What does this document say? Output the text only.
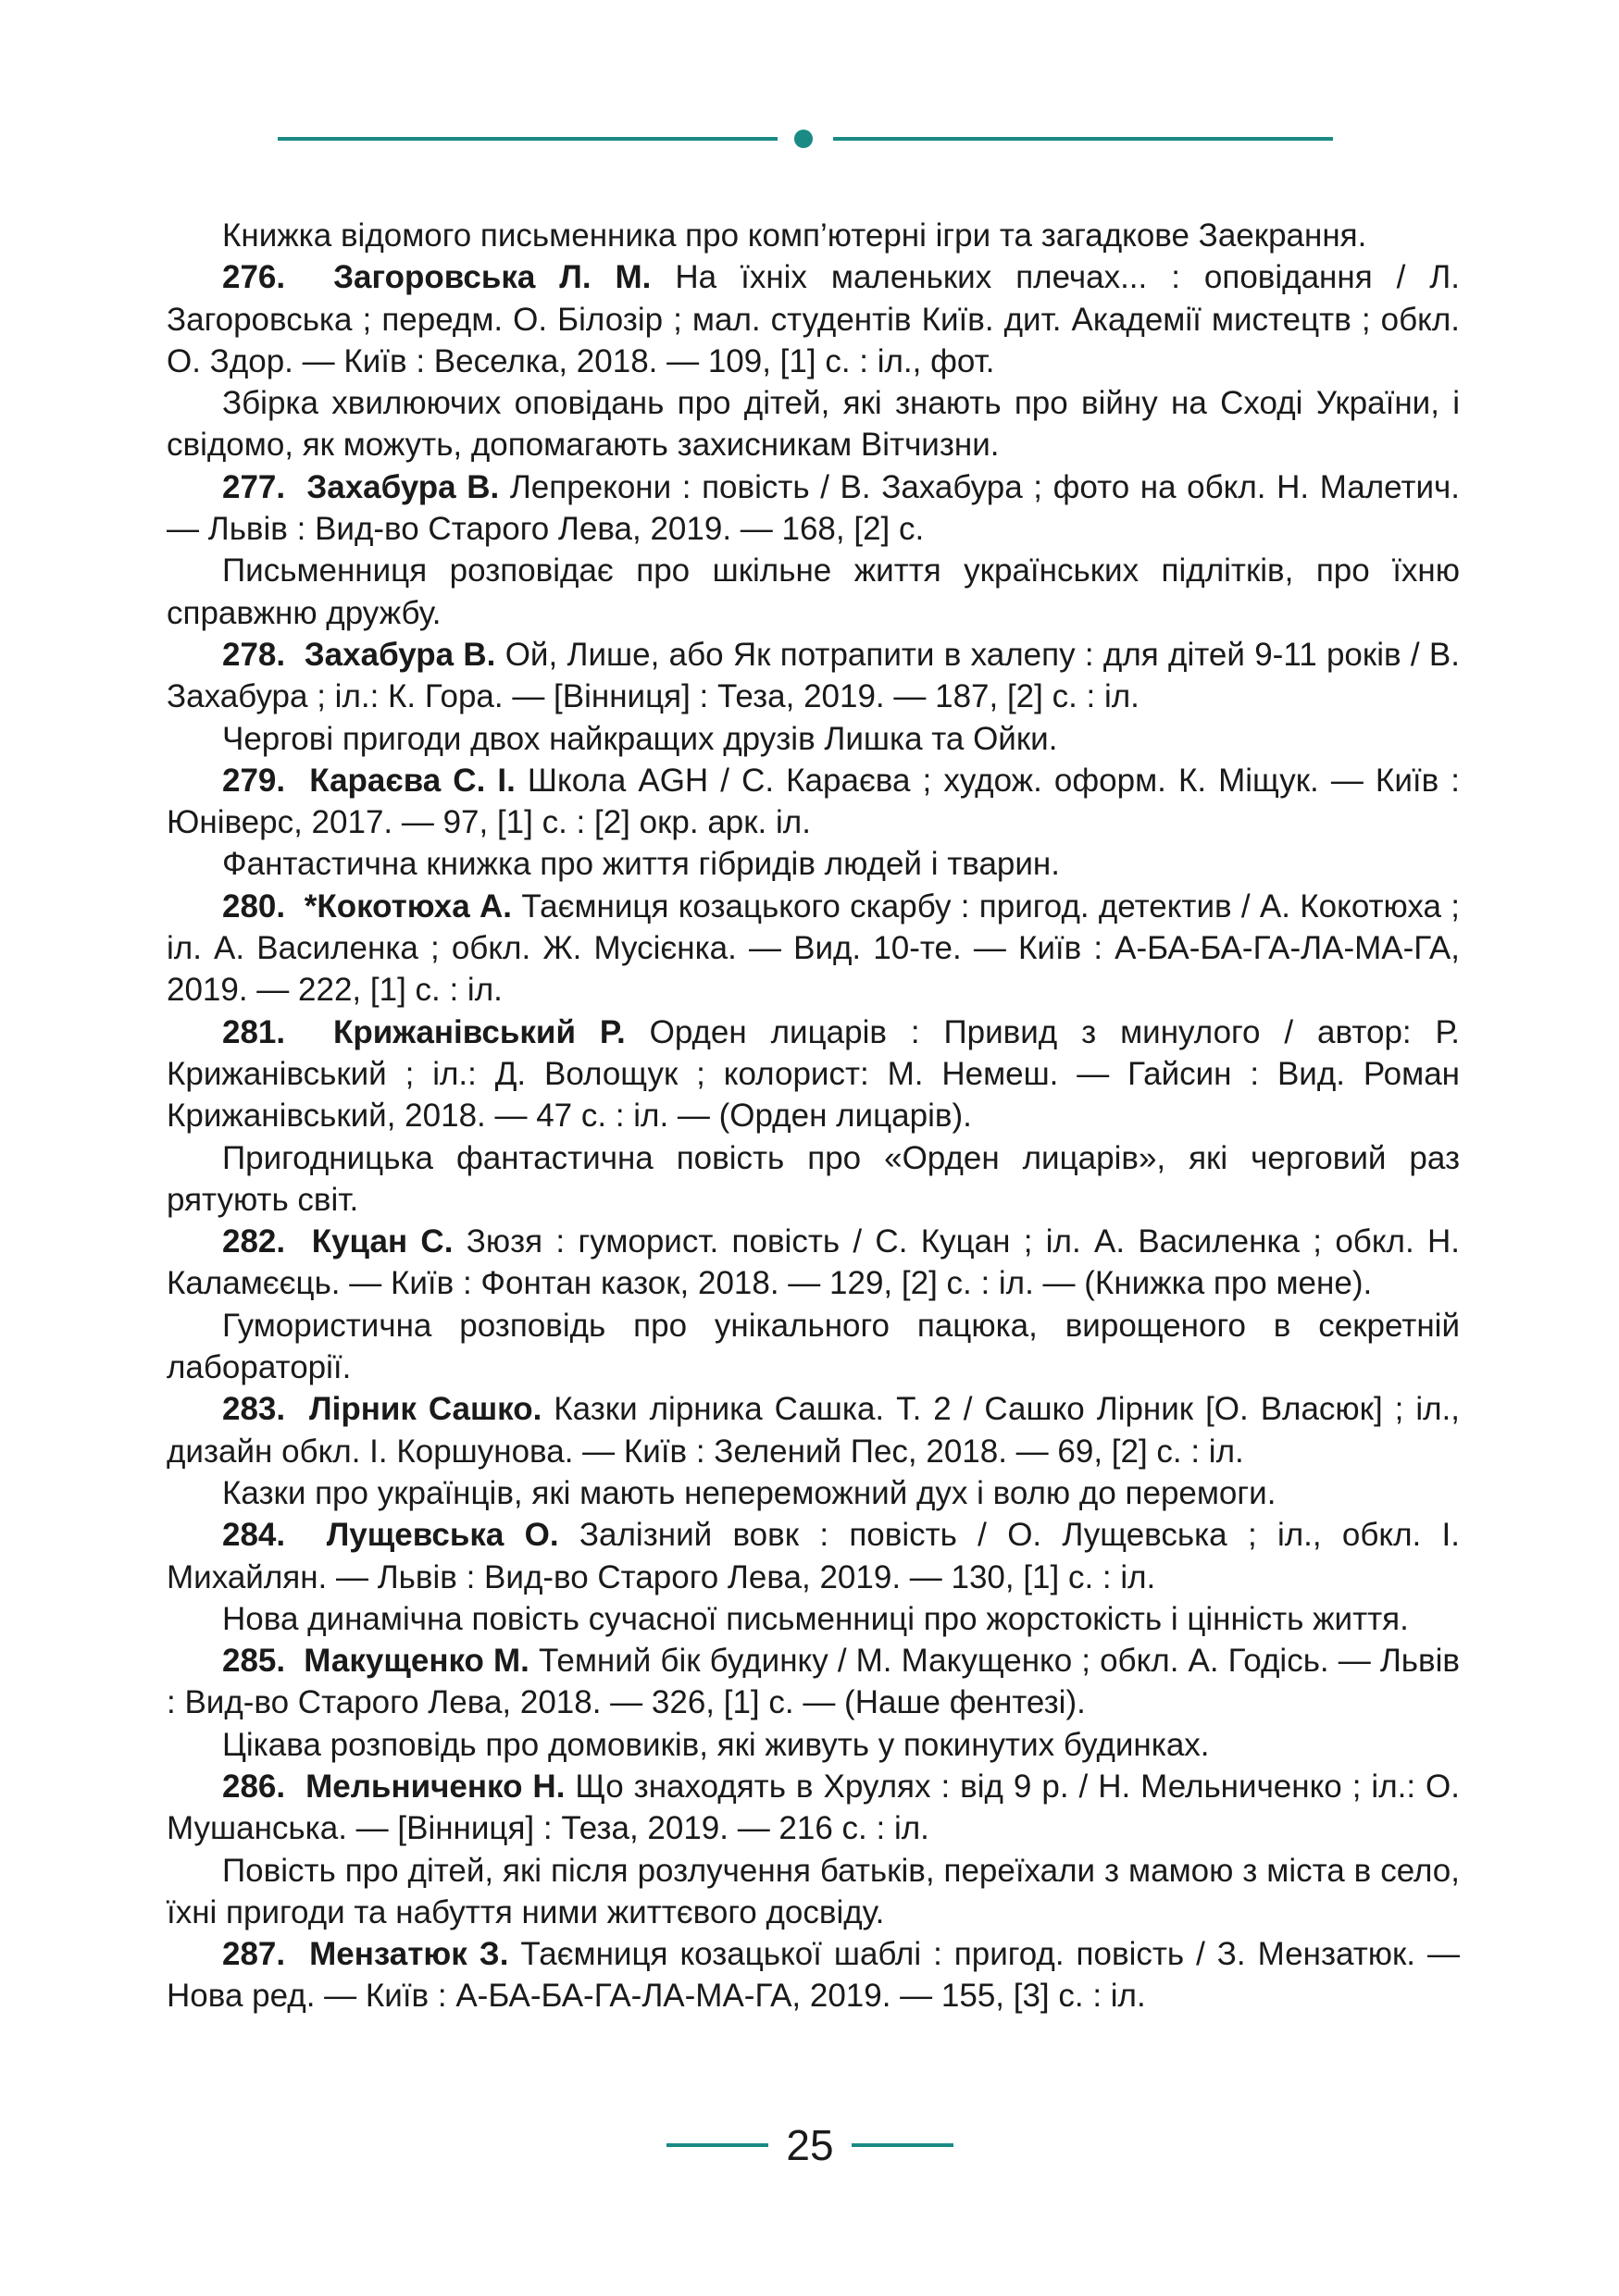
Книжка відомого письменника про комп’ютерні ігри та загадкове Заекрання.

276. Загоровська Л. М. На їхніх маленьких плечах... : оповідання / Л. Загоровська ; передм. О. Білозір ; мал. студентів Київ. дит. Академії мистецтв ; обкл. О. Здор. — Київ : Веселка, 2018. — 109, [1] с. : іл., фот.

Збірка хвилюючих оповідань про дітей, які знають про війну на Сході України, і свідомо, як можуть, допомагають захисникам Вітчизни.

277. Захабура В. Лепрекони : повість / В. Захабура ; фото на обкл. Н. Малетич. — Львів : Вид-во Старого Лева, 2019. — 168, [2] с.

Письменниця розповідає про шкільне життя українських підлітків, про їхню справжню дружбу.

278. Захабура В. Ой, Лише, або Як потрапити в халепу : для дітей 9-11 років / В. Захабура ; іл.: К. Гора. — [Вінниця] : Теза, 2019. — 187, [2] с. : іл.

Чергові пригоди двох найкращих друзів Лишка та Ойки.

279. Караєва С. І. Школа AGH / С. Караєва ; худож. оформ. К. Міщук. — Київ : Юніверс, 2017. — 97, [1] с. : [2] окр. арк. іл.

Фантастична книжка про життя гібридів людей і тварин.

280. *Кокотюха А. Таємниця козацького скарбу : пригод. детектив / А. Кокотюха ; іл. А. Василенка ; обкл. Ж. Мусієнка. — Вид. 10-те. — Київ : А-БА-БА-ГА-ЛА-МА-ГА, 2019. — 222, [1] с. : іл.

281. Крижанівський Р. Орден лицарів : Привид з минулого / автор: Р. Крижанівський ; іл.: Д. Волощук ; колорист: М. Немеш. — Гайсин : Вид. Роман Крижанівський, 2018. — 47 с. : іл. — (Орден лицарів).

Пригодницька фантастична повість про «Орден лицарів», які черговий раз рятують світ.

282. Куцан С. Зюзя : гуморист. повість / С. Куцан ; іл. А. Василенка ; обкл. Н. Каламєєць. — Київ : Фонтан казок, 2018. — 129, [2] с. : іл. — (Книжка про мене).

Гумористична розповідь про унікального пацюка, вирощеного в секретній лабораторії.

283. Лірник Сашко. Казки лірника Сашка. Т. 2 / Сашко Лірник [О. Власюк] ; іл., дизайн обкл. І. Коршунова. — Київ : Зелений Пес, 2018. — 69, [2] с. : іл.

Казки про українців, які мають непереможний дух і волю до перемоги.

284. Лущевська О. Залізний вовк : повість / О. Лущевська ; іл., обкл. І. Михайлян. — Львів : Вид-во Старого Лева, 2019. — 130, [1] с. : іл.

Нова динамічна повість сучасної письменниці про жорстокість і цінність життя.

285. Макущенко М. Темний бік будинку / М. Макущенко ; обкл. А. Годісь. — Львів : Вид-во Старого Лева, 2018. — 326, [1] с. — (Наше фентезі).

Цікава розповідь про домовиків, які живуть у покинутих будинках.

286. Мельниченко Н. Що знаходять в Хрулях : від 9 р. / Н. Мельниченко ; іл.: О. Мушанська. — [Вінниця] : Теза, 2019. — 216 с. : іл.

Повість про дітей, які після розлучення батьків, переїхали з мамою з міста в село, їхні пригоди та набуття ними життєвого досвіду.

287. Мензатюк З. Таємниця козацької шаблі : пригод. повість / З. Мензатюк. — Нова ред. — Київ : А-БА-БА-ГА-ЛА-МА-ГА, 2019. — 155, [3] с. : іл.

25
